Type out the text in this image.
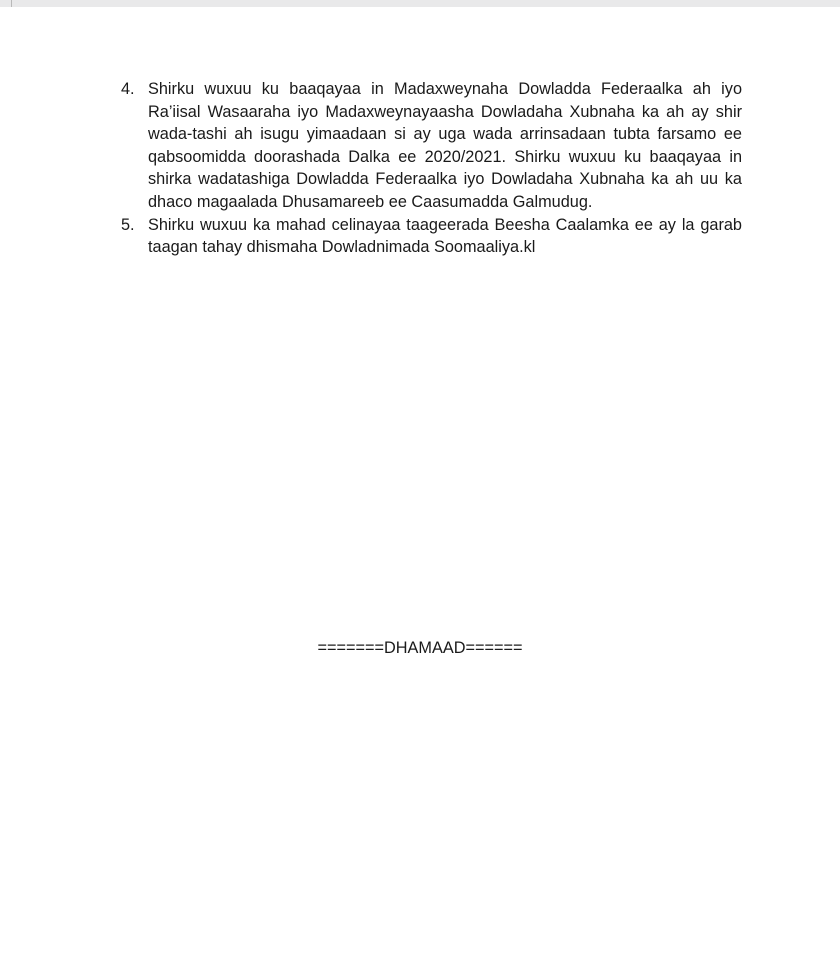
4. Shirku wuxuu ku baaqayaa in Madaxweynaha Dowladda Federaalka ah iyo Ra’iisal Wasaaraha iyo Madaxweynayaasha Dowladaha Xubnaha ka ah ay shir wada-tashi ah isugu yimaadaan si ay uga wada arrinsadaan tubta farsamo ee qabsoomidda doorashada Dalka ee 2020/2021. Shirku wuxuu ku baaqayaa in shirka wadatashiga Dowladda Federaalka iyo Dowladaha Xubnaha ka ah uu ka dhaco magaalada Dhusamareeb ee Caasumadda Galmudug.
5. Shirku wuxuu ka mahad celinayaa taageerada Beesha Caalamka ee ay la garab taagan tahay dhismaha Dowladnimada Soomaaliya.kl
=======DHAMAAD======
